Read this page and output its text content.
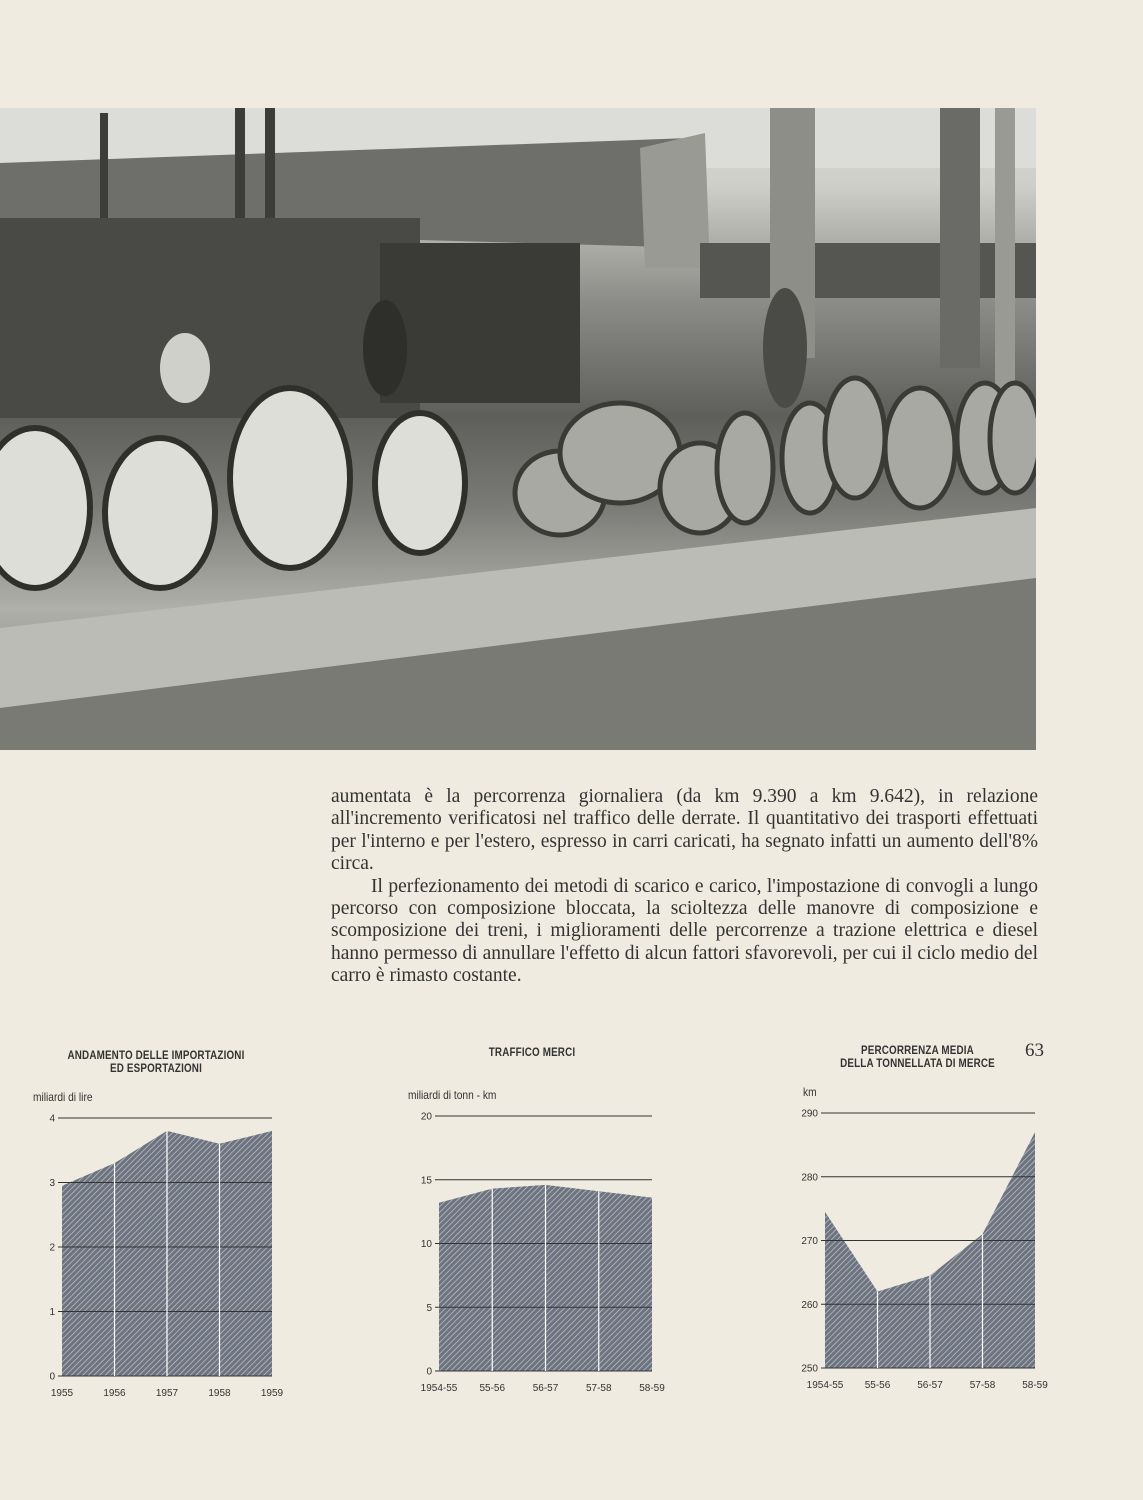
aumentata è la percorrenza giornaliera (da km 9.390 a km 9.642), in relazione all'incremento verificatosi nel traffico delle derrate. Il quantitativo dei trasporti effettuati per l'interno e per l'estero, espresso in carri caricati, ha segnato infatti un aumento dell'8% circa.

Il perfezionamento dei metodi di scarico e carico, l'impostazione di convogli a lungo percorso con composizione bloccata, la scioltezza delle manovre di composizione e scomposizione dei treni, i miglioramenti delle percorrenze a trazione elettrica e diesel hanno permesso di annullare l'effetto di alcun fattori sfavorevoli, per cui il ciclo medio del carro è rimasto costante.

ANDAMENTO DELLE IMPORTAZIONI
ED ESPORTAZIONI
miliardi di lire
0
1
2
3
4
1955	1956	1957	1958	1959
TRAFFICO MERCI
miliardi di tonn - km
0
5
10
15
20
1954-55 55-56	56-57	57-58	58-59
PERCORRENZA MEDIA
DELLA TONNELLATA DI MERCE
km
250
260
270
280
290
1954-55 55-56	56-57	57-58	58-59
63
